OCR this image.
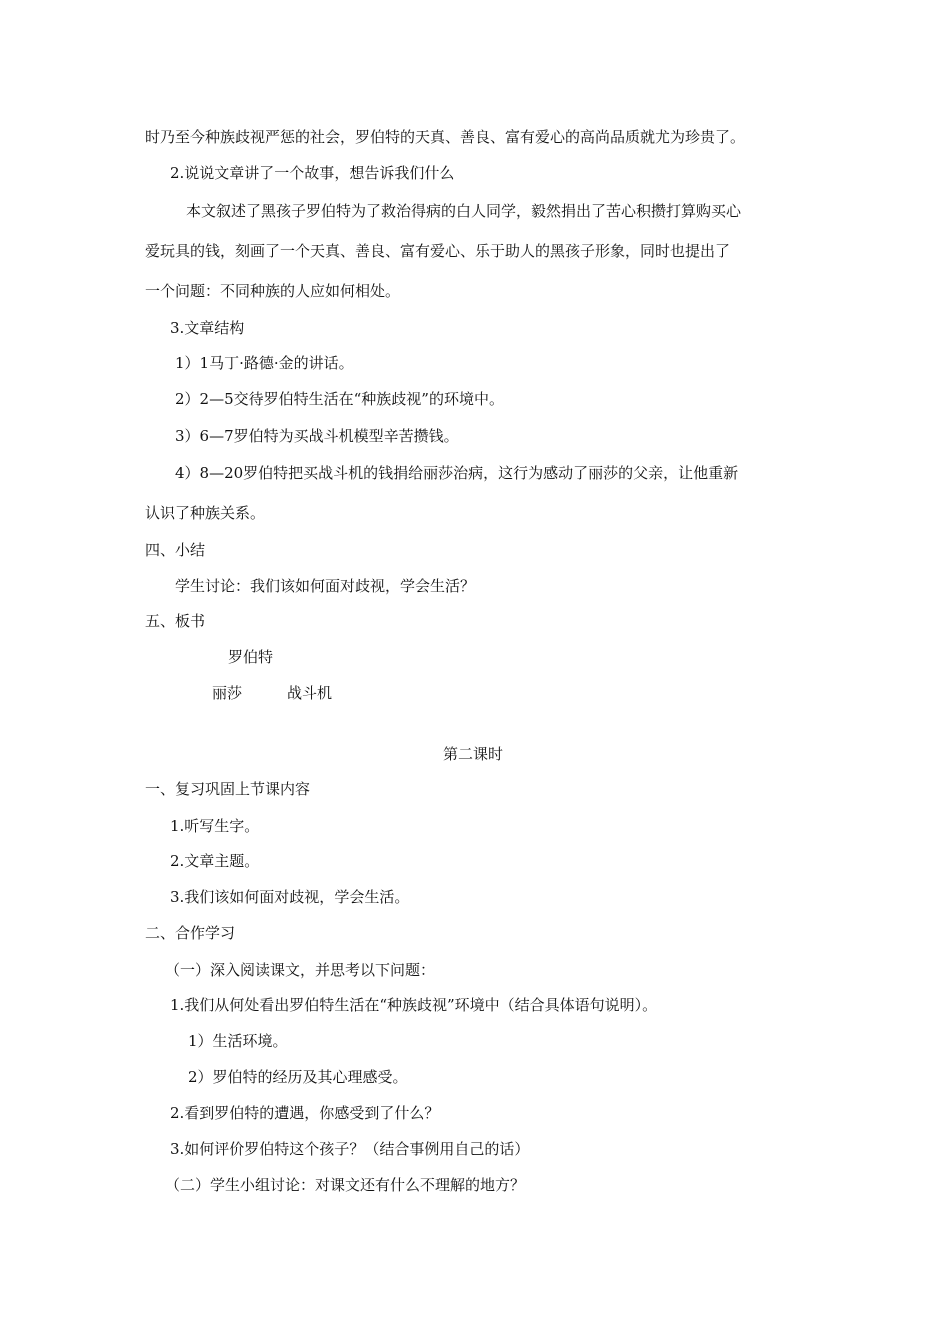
时乃至今种族歧视严惩的社会，罗伯特的天真、善良、富有爱心的高尚品质就尤为珍贵了。
2.说说文章讲了一个故事，想告诉我们什么
本文叙述了黑孩子罗伯特为了救治得病的白人同学，毅然捐出了苦心积攒打算购买心
爱玩具的钱，刻画了一个天真、善良、富有爱心、乐于助人的黑孩子形象，同时也提出了
一个问题：不同种族的人应如何相处。
3.文章结构
1）1马丁·路德·金的讲话。
2）2—5交待罗伯特生活在“种族歧视”的环境中。
3）6—7罗伯特为买战斗机模型辛苦攒钱。
4）8—20罗伯特把买战斗机的钱捐给丽莎治病，这行为感动了丽莎的父亲，让他重新
认识了种族关系。
四、小结
学生讨论：我们该如何面对歧视，学会生活？
五、板书
罗伯特
丽莎	战斗机
第二课时
一、复习巩固上节课内容
1.听写生字。
2.文章主题。
3.我们该如何面对歧视，学会生活。
二、合作学习
（一）深入阅读课文，并思考以下问题：
1.我们从何处看出罗伯特生活在“种族歧视”环境中（结合具体语句说明）。
1）生活环境。
2）罗伯特的经历及其心理感受。
2.看到罗伯特的遭遇，你感受到了什么？
3.如何评价罗伯特这个孩子？（结合事例用自己的话）
（二）学生小组讨论：对课文还有什么不理解的地方？
